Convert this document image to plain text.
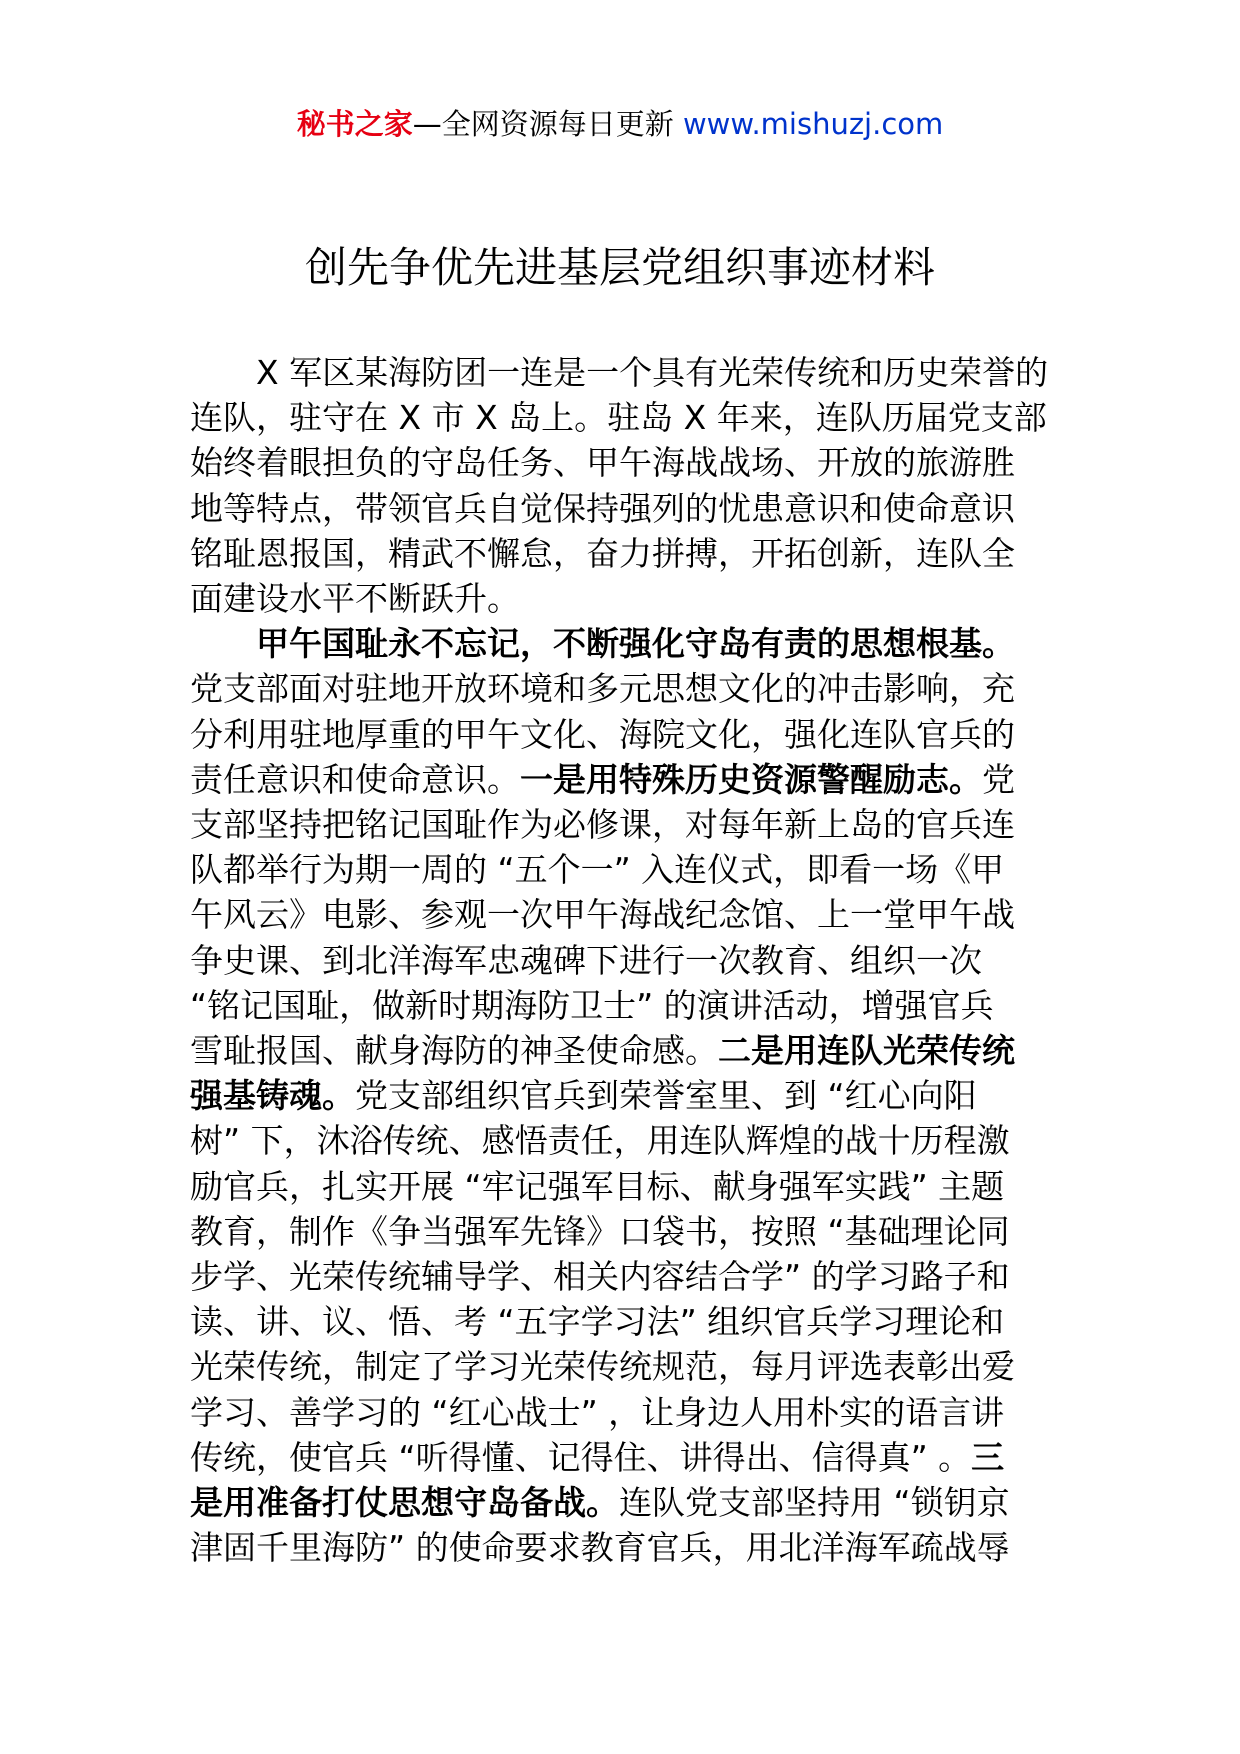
秘书之家—全网资源每日更新 www.mishuzj.com
创先争优先进基层党组织事迹材料

　　X 军区某海防团一连是一个具有光荣传统和历史荣誉的
连队，驻守在 X 市 X 岛上。驻岛 X 年来，连队历届党支部
始终着眼担负的守岛任务、甲午海战战场、开放的旅游胜
地等特点，带领官兵自觉保持强列的忧患意识和使命意识
铭耻恩报国，精武不懈怠，奋力拼搏，开拓创新，连队全
面建设水平不断跃升。

　　甲午国耻永不忘记，不断强化守岛有责的思想根基。
党支部面对驻地开放环境和多元思想文化的冲击影响，充
分利用驻地厚重的甲午文化、海院文化，强化连队官兵的
责任意识和使命意识。一是用特殊历史资源警醒励志。党
支部坚持把铭记国耻作为必修课，对每年新上岛的官兵连
队都举行为期一周的 “五个一” 入连仪式，即看一场《甲
午风云》电影、参观一次甲午海战纪念馆、上一堂甲午战
争史课、到北洋海军忠魂碑下进行一次教育、组织一次
“铭记国耻，做新时期海防卫士” 的演讲活动，增强官兵
雪耻报国、献身海防的神圣使命感。二是用连队光荣传统
强基铸魂。党支部组织官兵到荣誉室里、到 “红心向阳
树” 下，沐浴传统、感悟责任，用连队辉煌的战十历程激
励官兵，扎实开展 “牢记强军目标、献身强军实践” 主题
教育，制作《争当强军先锋》口袋书，按照 “基础理论同
步学、光荣传统辅导学、相关内容结合学” 的学习路子和
读、讲、议、悟、考 “五字学习法” 组织官兵学习理论和
光荣传统，制定了学习光荣传统规范，每月评选表彰出爱
学习、善学习的 “红心战士” ，让身边人用朴实的语言讲
传统，使官兵 “听得懂、记得住、讲得出、信得真” 。三
是用准备打仗思想守岛备战。连队党支部坚持用 “锁钥京
津固千里海防” 的使命要求教育官兵，用北洋海军疏战辱
